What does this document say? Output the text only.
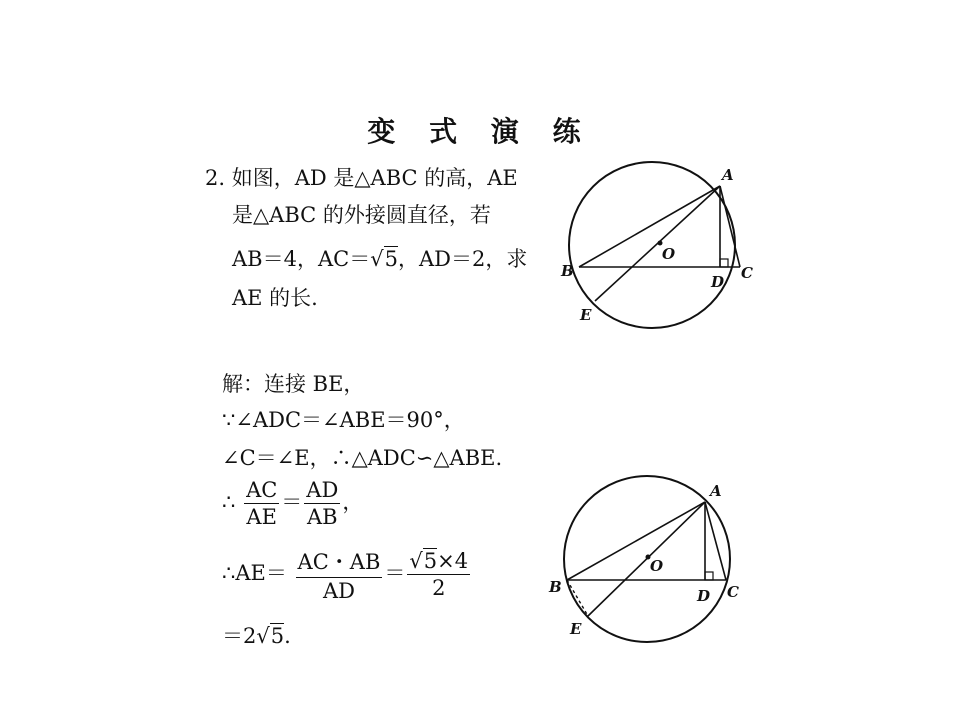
变 式 演 练
2. 如图，AD 是△ABC 的高，AE
是△ABC 的外接圆直径，若
AB＝4，AC＝√5，AD＝2，求
AE 的长.
解：连接 BE，
∵∠ADC＝∠ABE＝90°，
∠C＝∠E，∴△ADC∽△ABE.
∴ $\frac{AC}{AE} = \frac{AD}{AB}$ ，
∴AE＝ $\frac{AC・AB}{AD} = \frac{√5\times 4}{2}$
＝2√5.
A
B	C
D
E
O
A
B	C
D
E
O
